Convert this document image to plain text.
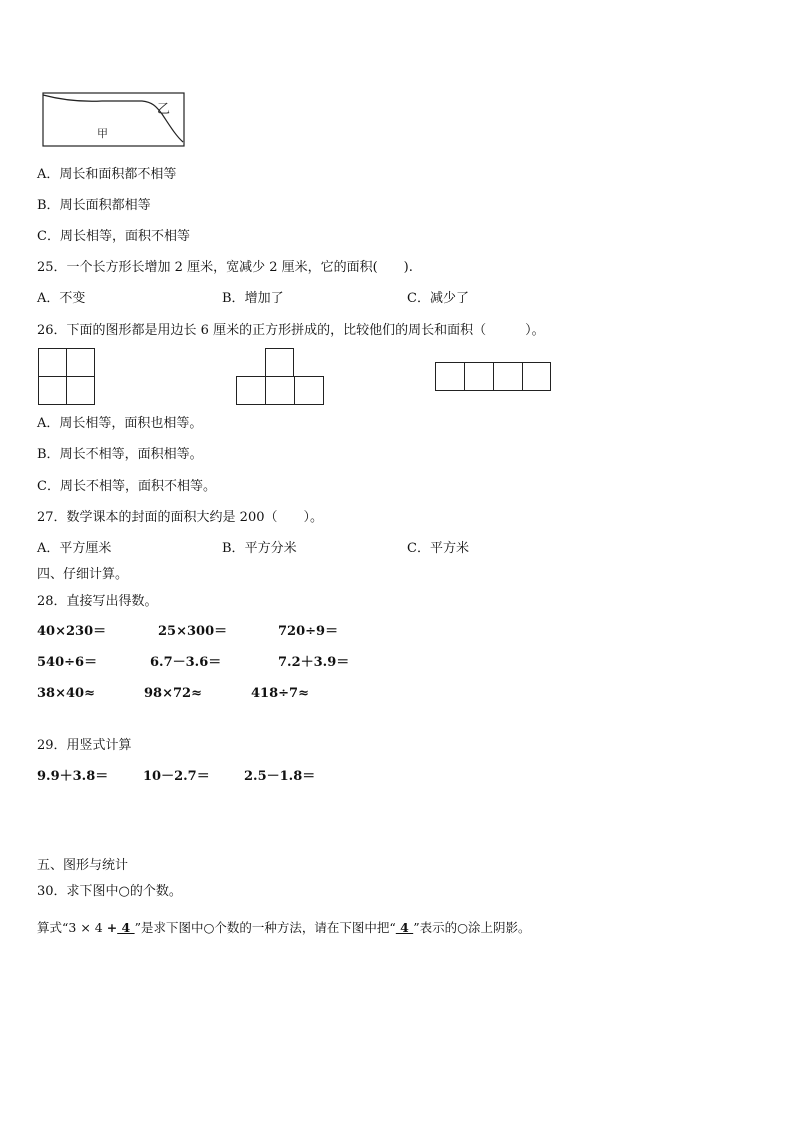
甲
乙
A．周长和面积都不相等
B．周长面积都相等
C．周长相等，面积不相等
25．一个长方形长增加 2 厘米，宽减少 2 厘米，它的面积(　　).
A．不变	B．增加了	C．减少了
26．下面的图形都是用边长 6 厘米的正方形拼成的，比较他们的周长和面积（　　　）。
A．周长相等，面积也相等。
B．周长不相等，面积相等。
C．周长不相等，面积不相等。
27．数学课本的封面的面积大约是 200（　　）。
A．平方厘米	B．平方分米	C．平方米
四、仔细计算。
28．直接写出得数。
40×230＝	25×300＝	720÷9＝
540÷6＝	6.7－3.6＝	7.2＋3.9＝
38×40≈	98×72≈	418÷7≈
29．用竖式计算
9.9＋3.8＝	10－2.7＝	2.5－1.8＝
五、图形与统计
30．求下图中○的个数。
算式“3 × 4 + 4 ”是求下图中○个数的一种方法，请在下图中把“ 4 ”表示的○涂上阴影。
